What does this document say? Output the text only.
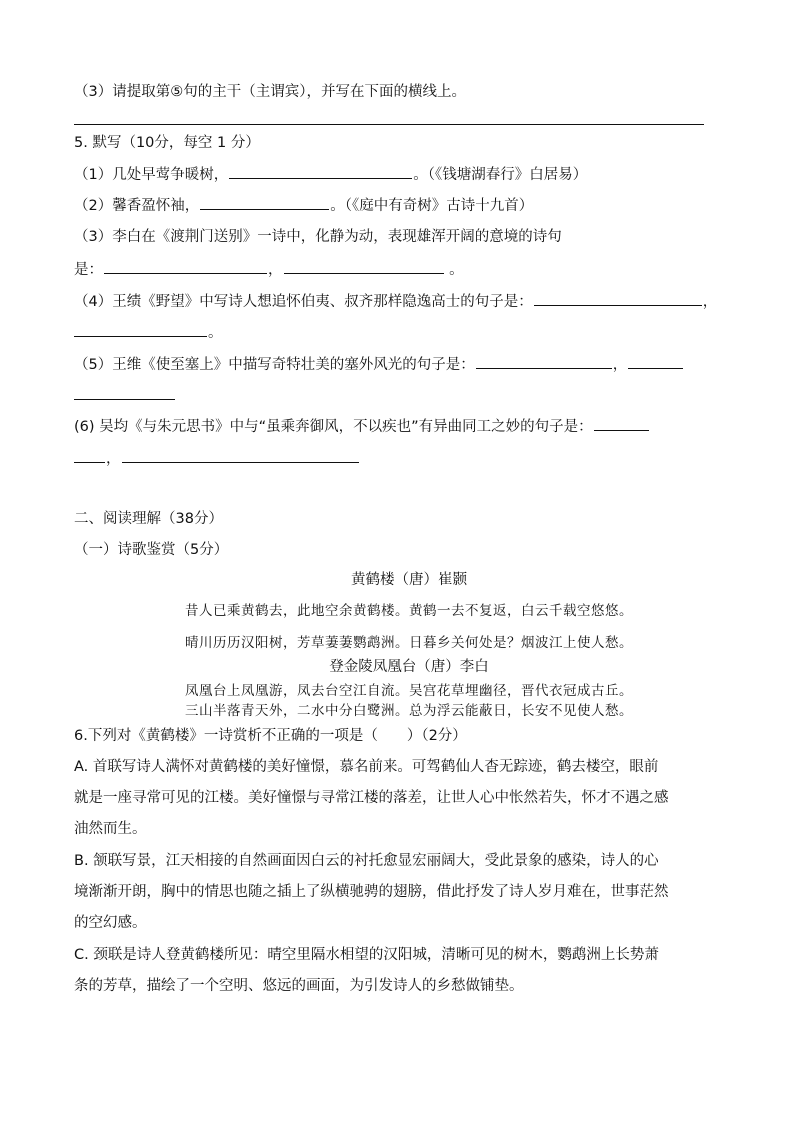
（3）请提取第⑤句的主干（主谓宾），并写在下面的横线上。
5. 默写（10分，每空 1 分）
（1）几处早莺争暖树，	。（《钱塘湖春行》白居易）
（2）馨香盈怀袖，	。（《庭中有奇树》古诗十九首）
（3）李白在《渡荆门送别》一诗中，化静为动，表现雄浑开阔的意境的诗句
是：	，	。
（4）王绩《野望》中写诗人想追怀伯夷、叔齐那样隐逸高士的句子是：	，
。
（5）王维《使至塞上》中描写奇特壮美的塞外风光的句子是：	，
(6) 吴均《与朱元思书》中与“虽乘奔御风，不以疾也”有异曲同工之妙的句子是：
，
二、阅读理解（38分）
（一）诗歌鉴赏（5分）
黄鹤楼（唐）崔颢
昔人已乘黄鹤去，此地空余黄鹤楼。黄鹤一去不复返，白云千载空悠悠。
晴川历历汉阳树，芳草萋萋鹦鹉洲。日暮乡关何处是？烟波江上使人愁。
登金陵凤凰台（唐）李白
凤凰台上凤凰游，凤去台空江自流。吴宫花草埋幽径，晋代衣冠成古丘。
三山半落青天外，二水中分白鹭洲。总为浮云能蔽日，长安不见使人愁。
6.下列对《黄鹤楼》一诗赏析不正确的一项是（　　）（2分）
A. 首联写诗人满怀对黄鹤楼的美好憧憬，慕名前来。可驾鹤仙人杳无踪迹，鹤去楼空，眼前
就是一座寻常可见的江楼。美好憧憬与寻常江楼的落差，让世人心中怅然若失，怀才不遇之感
油然而生。
B. 颔联写景，江天相接的自然画面因白云的衬托愈显宏丽阔大，受此景象的感染，诗人的心
境渐渐开朗，胸中的情思也随之插上了纵横驰骋的翅膀，借此抒发了诗人岁月难在，世事茫然
的空幻感。
C. 颈联是诗人登黄鹤楼所见：晴空里隔水相望的汉阳城，清晰可见的树木，鹦鹉洲上长势萧
条的芳草，描绘了一个空明、悠远的画面，为引发诗人的乡愁做铺垫。
